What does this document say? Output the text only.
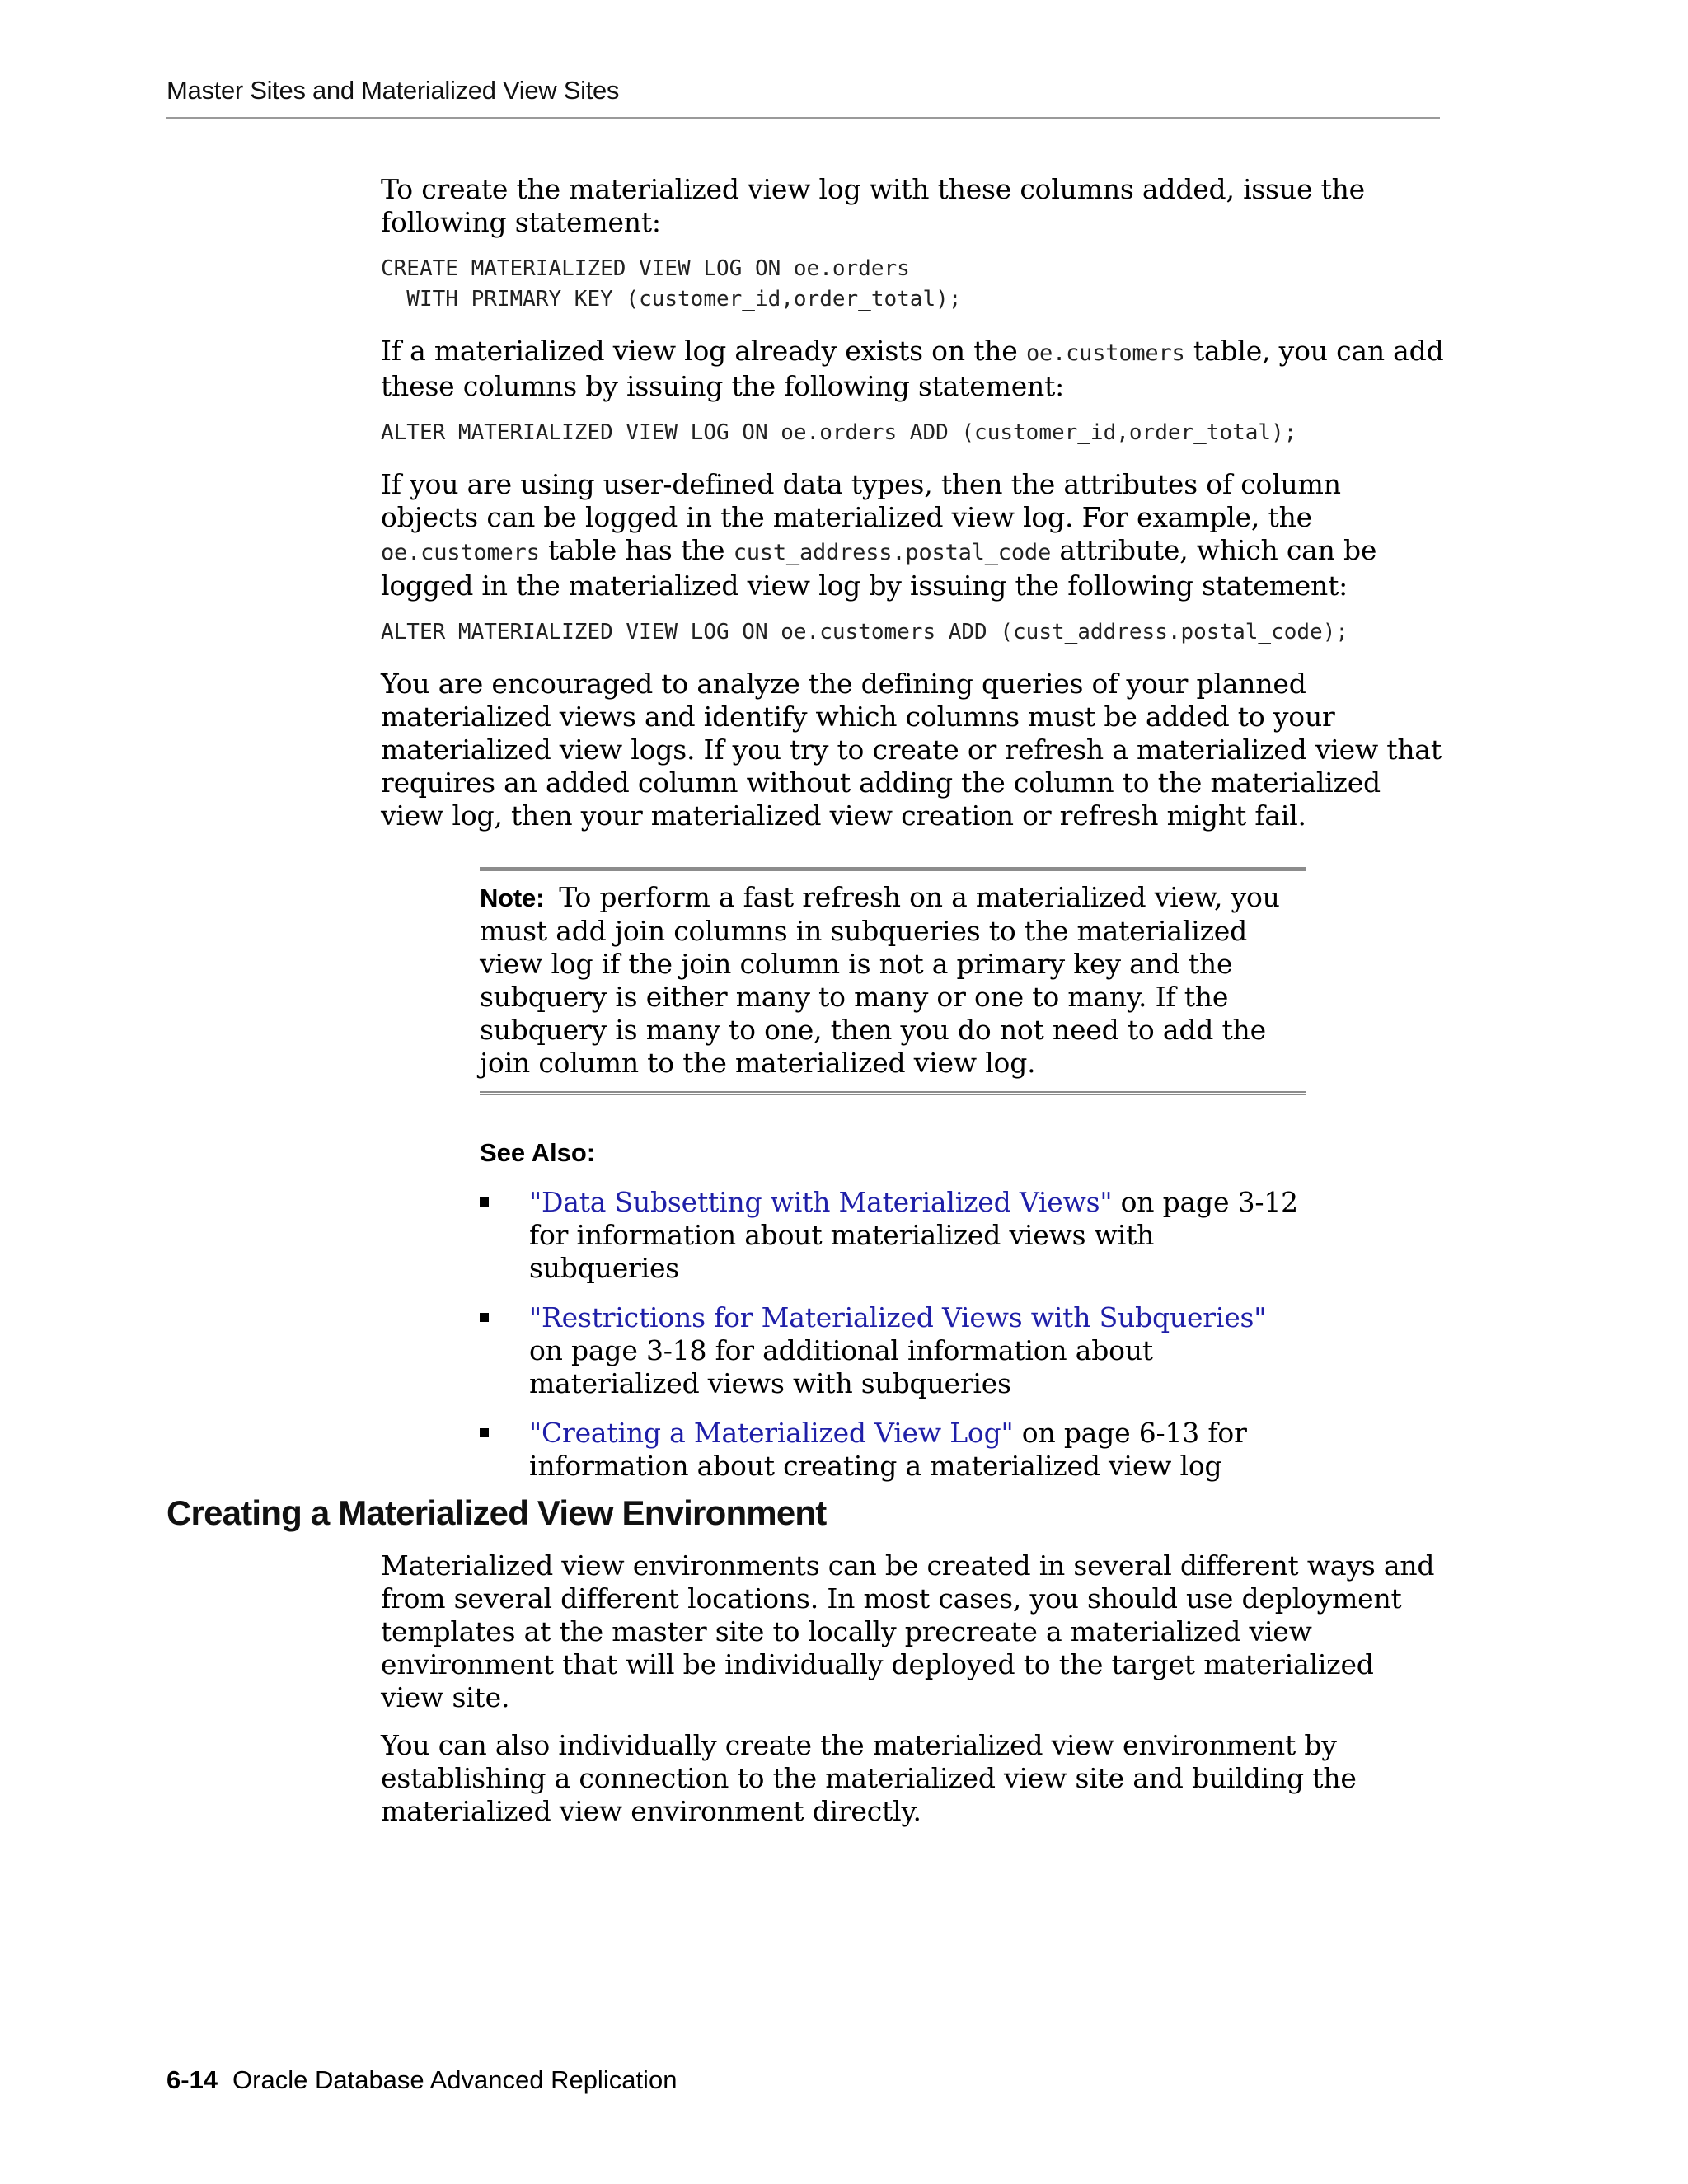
Master Sites and Materialized View Sites

To create the materialized view log with these columns added, issue the following statement:

CREATE MATERIALIZED VIEW LOG ON oe.orders
WITH PRIMARY KEY (customer_id,order_total);

If a materialized view log already exists on the oe.customers table, you can add these columns by issuing the following statement:

ALTER MATERIALIZED VIEW LOG ON oe.orders ADD (customer_id,order_total);

If you are using user-defined data types, then the attributes of column objects can be logged in the materialized view log. For example, the oe.customers table has the cust_address.postal_code attribute, which can be logged in the materialized view log by issuing the following statement:

ALTER MATERIALIZED VIEW LOG ON oe.customers ADD (cust_address.postal_code);

You are encouraged to analyze the defining queries of your planned materialized views and identify which columns must be added to your materialized view logs. If you try to create or refresh a materialized view that requires an added column without adding the column to the materialized view log, then your materialized view creation or refresh might fail.

Note: To perform a fast refresh on a materialized view, you must add join columns in subqueries to the materialized view log if the join column is not a primary key and the subquery is either many to many or one to many. If the subquery is many to one, then you do not need to add the join column to the materialized view log.

See Also:
"Data Subsetting with Materialized Views" on page 3-12 for information about materialized views with subqueries
"Restrictions for Materialized Views with Subqueries" on page 3-18 for additional information about materialized views with subqueries
"Creating a Materialized View Log" on page 6-13 for information about creating a materialized view log
Creating a Materialized View Environment

Materialized view environments can be created in several different ways and from several different locations. In most cases, you should use deployment templates at the master site to locally precreate a materialized view environment that will be individually deployed to the target materialized view site.

You can also individually create the materialized view environment by establishing a connection to the materialized view site and building the materialized view environment directly.

6-14 Oracle Database Advanced Replication
